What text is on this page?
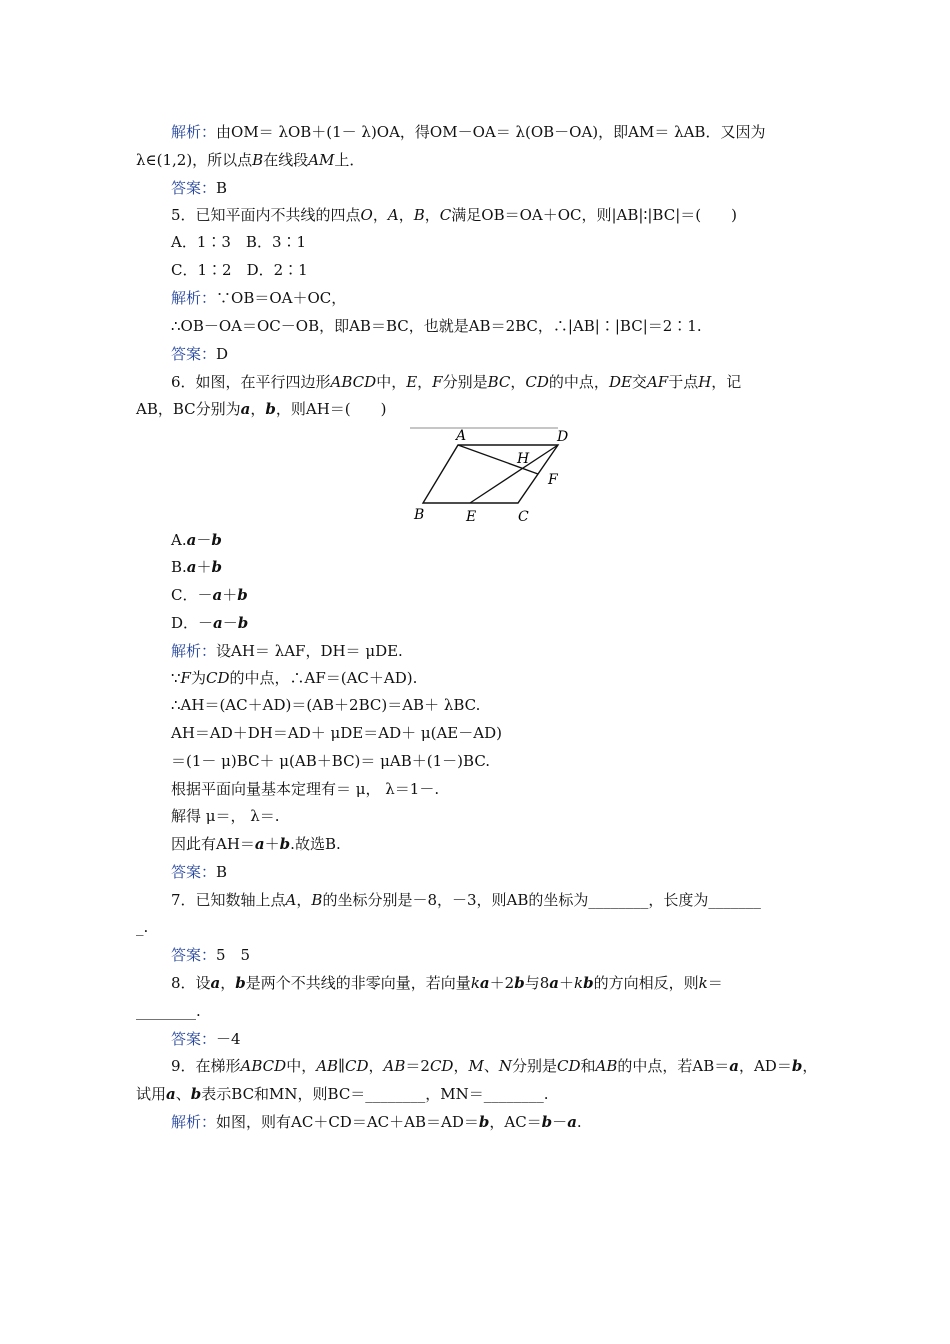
解析：由OM＝ λOB＋(1－ λ)OA，得OM－OA＝ λ(OB－OA)，即AM＝ λAB．又因为
λ∈(1,2)，所以点B在线段AM上．
答案：B
5．已知平面内不共线的四点O，A，B，C满足OB＝OA＋OC，则|AB|∶|BC|＝(　　)
A．1∶3　B．3∶1
C．1∶2　D．2∶1
解析：∵OB＝OA＋OC，
∴OB－OA＝OC－OB，即AB＝BC，也就是AB＝2BC，∴|AB|∶|BC|＝2∶1.
答案：D
6．如图，在平行四边形ABCD中，E，F分别是BC，CD的中点，DE交AF于点H，记
AB，BC分别为a，b，则AH＝(　　)
A.a－b
B.a＋b
C．－a＋b
D．－a－b
解析：设AH＝ λAF，DH＝ μDE.
∵F为CD的中点，∴AF＝(AC＋AD).
∴AH＝(AC＋AD)＝(AB＋2BC)＝AB＋ λBC.
AH＝AD＋DH＝AD＋ μDE＝AD＋ μ(AE－AD)
＝(1－ μ)BC＋ μ(AB＋BC)＝ μAB＋(1－)BC.
根据平面向量基本定理有＝ μ， λ＝1－.
解得 μ＝， λ＝.
因此有AH＝a＋b.故选B.
答案：B
7．已知数轴上点A，B的坐标分别是－8，－3，则AB的坐标为________，长度为_______
_.
答案：5　5
8．设a，b是两个不共线的非零向量，若向量ka＋2b与8a＋kb的方向相反，则k＝
________.
答案：－4
9．在梯形ABCD中，AB∥CD，AB＝2CD，M、N分别是CD和AB的中点，若AB＝a，AD＝b，
试用a、b表示BC和MN，则BC＝________，MN＝________.
解析：如图，则有AC＋CD＝AC＋AB＝AD＝b，AC＝b－a.
A	D
H
F
B	E	C
